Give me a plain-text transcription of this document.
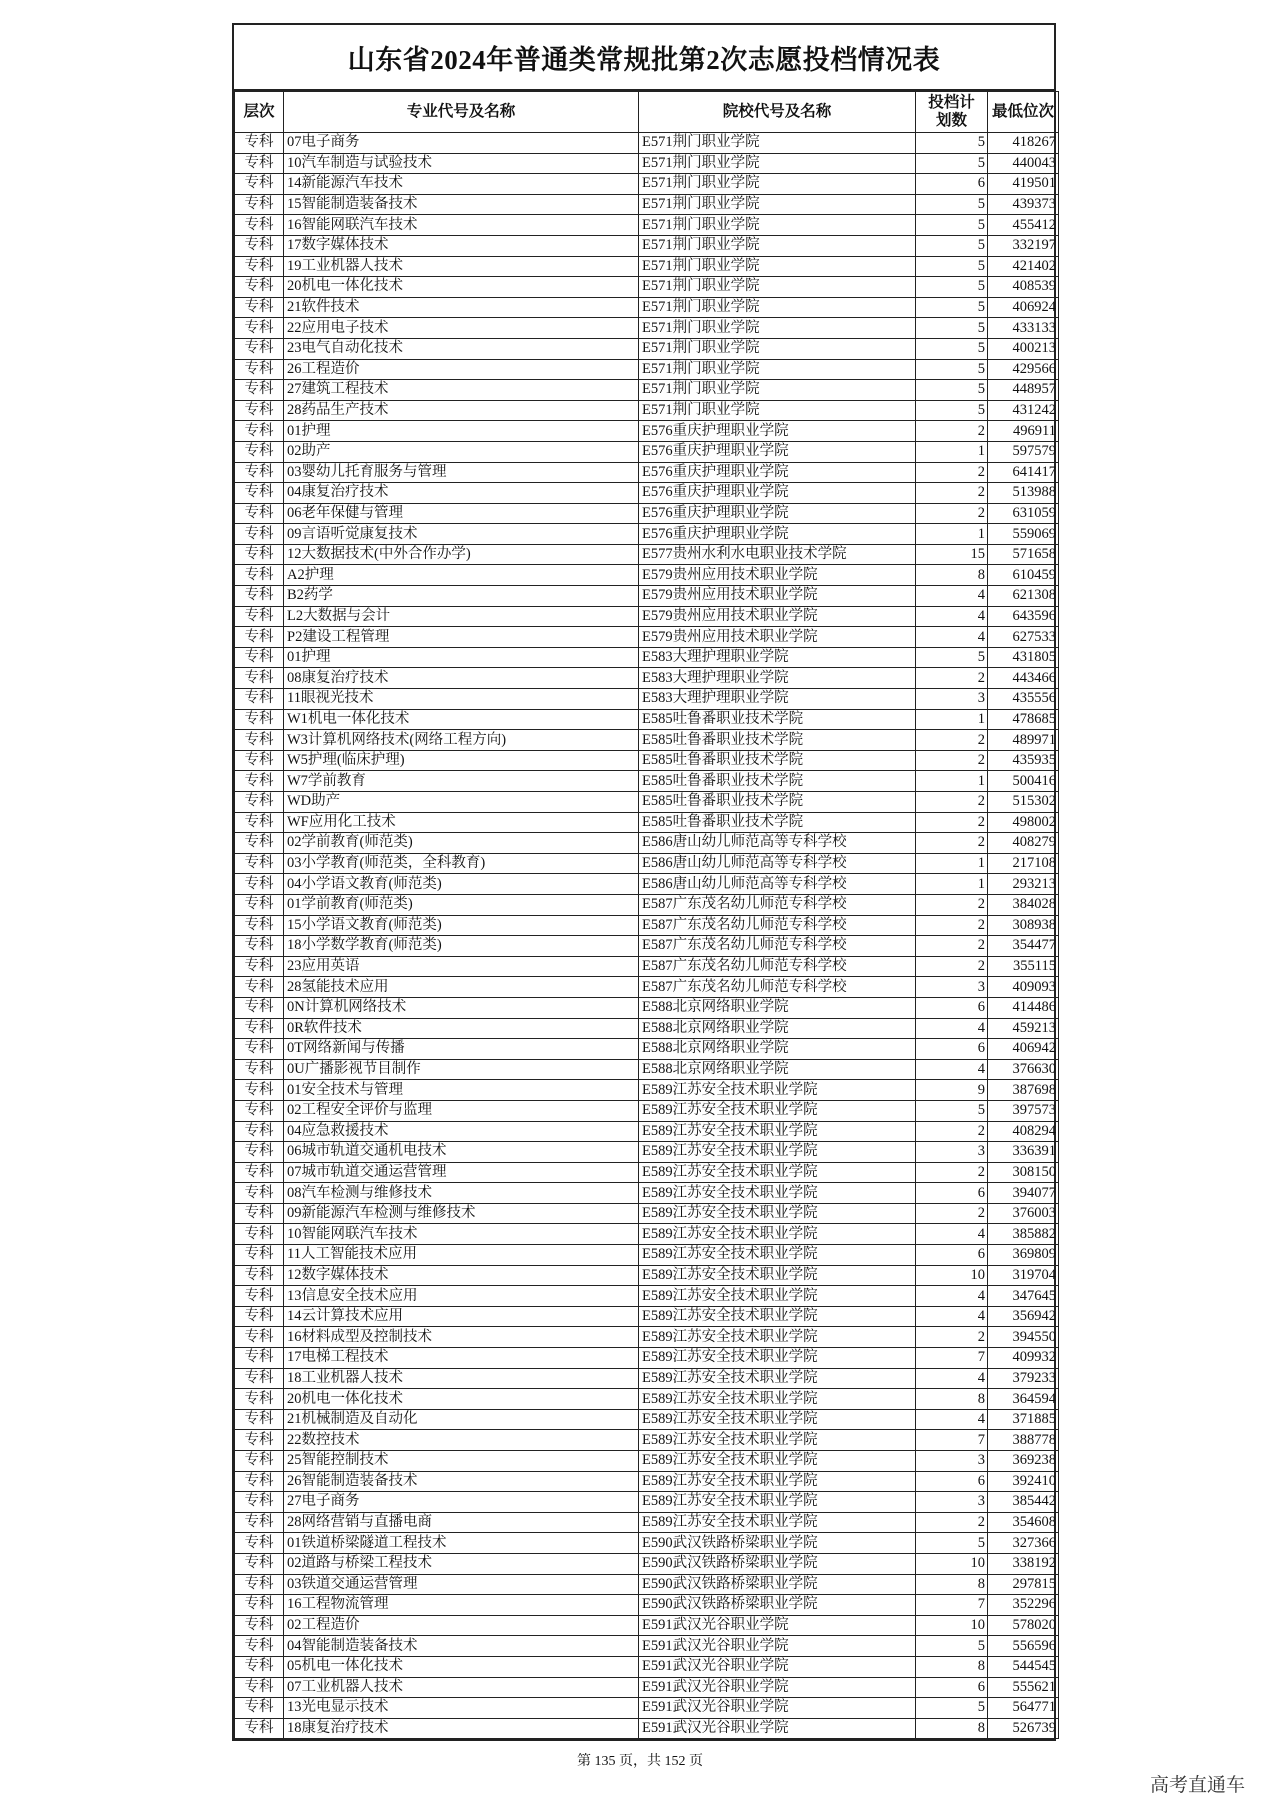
山东省2024年普通类常规批第2次志愿投档情况表
层次	专业代号及名称	院校代号及名称	投档计划数	最低位次
专科	07电子商务	E571荆门职业学院	5	418267
专科	10汽车制造与试验技术	E571荆门职业学院	5	440043
专科	14新能源汽车技术	E571荆门职业学院	6	419501
专科	15智能制造装备技术	E571荆门职业学院	5	439373
专科	16智能网联汽车技术	E571荆门职业学院	5	455412
专科	17数字媒体技术	E571荆门职业学院	5	332197
专科	19工业机器人技术	E571荆门职业学院	5	421402
专科	20机电一体化技术	E571荆门职业学院	5	408539
专科	21软件技术	E571荆门职业学院	5	406924
专科	22应用电子技术	E571荆门职业学院	5	433133
专科	23电气自动化技术	E571荆门职业学院	5	400213
专科	26工程造价	E571荆门职业学院	5	429566
专科	27建筑工程技术	E571荆门职业学院	5	448957
专科	28药品生产技术	E571荆门职业学院	5	431242
专科	01护理	E576重庆护理职业学院	2	496911
专科	02助产	E576重庆护理职业学院	1	597579
专科	03婴幼儿托育服务与管理	E576重庆护理职业学院	2	641417
专科	04康复治疗技术	E576重庆护理职业学院	2	513988
专科	06老年保健与管理	E576重庆护理职业学院	2	631059
专科	09言语听觉康复技术	E576重庆护理职业学院	1	559069
专科	12大数据技术(中外合作办学)	E577贵州水利水电职业技术学院	15	571658
专科	A2护理	E579贵州应用技术职业学院	8	610459
专科	B2药学	E579贵州应用技术职业学院	4	621308
专科	L2大数据与会计	E579贵州应用技术职业学院	4	643596
专科	P2建设工程管理	E579贵州应用技术职业学院	4	627533
专科	01护理	E583大理护理职业学院	5	431805
专科	08康复治疗技术	E583大理护理职业学院	2	443466
专科	11眼视光技术	E583大理护理职业学院	3	435556
专科	W1机电一体化技术	E585吐鲁番职业技术学院	1	478685
专科	W3计算机网络技术(网络工程方向)	E585吐鲁番职业技术学院	2	489971
专科	W5护理(临床护理)	E585吐鲁番职业技术学院	2	435935
专科	W7学前教育	E585吐鲁番职业技术学院	1	500416
专科	WD助产	E585吐鲁番职业技术学院	2	515302
专科	WF应用化工技术	E585吐鲁番职业技术学院	2	498002
专科	02学前教育(师范类)	E586唐山幼儿师范高等专科学校	2	408279
专科	03小学教育(师范类，全科教育)	E586唐山幼儿师范高等专科学校	1	217108
专科	04小学语文教育(师范类)	E586唐山幼儿师范高等专科学校	1	293213
专科	01学前教育(师范类)	E587广东茂名幼儿师范专科学校	2	384028
专科	15小学语文教育(师范类)	E587广东茂名幼儿师范专科学校	2	308938
专科	18小学数学教育(师范类)	E587广东茂名幼儿师范专科学校	2	354477
专科	23应用英语	E587广东茂名幼儿师范专科学校	2	355115
专科	28氢能技术应用	E587广东茂名幼儿师范专科学校	3	409093
专科	0N计算机网络技术	E588北京网络职业学院	6	414486
专科	0R软件技术	E588北京网络职业学院	4	459213
专科	0T网络新闻与传播	E588北京网络职业学院	6	406942
专科	0U广播影视节目制作	E588北京网络职业学院	4	376630
专科	01安全技术与管理	E589江苏安全技术职业学院	9	387698
专科	02工程安全评价与监理	E589江苏安全技术职业学院	5	397573
专科	04应急救援技术	E589江苏安全技术职业学院	2	408294
专科	06城市轨道交通机电技术	E589江苏安全技术职业学院	3	336391
专科	07城市轨道交通运营管理	E589江苏安全技术职业学院	2	308150
专科	08汽车检测与维修技术	E589江苏安全技术职业学院	6	394077
专科	09新能源汽车检测与维修技术	E589江苏安全技术职业学院	2	376003
专科	10智能网联汽车技术	E589江苏安全技术职业学院	4	385882
专科	11人工智能技术应用	E589江苏安全技术职业学院	6	369809
专科	12数字媒体技术	E589江苏安全技术职业学院	10	319704
专科	13信息安全技术应用	E589江苏安全技术职业学院	4	347645
专科	14云计算技术应用	E589江苏安全技术职业学院	4	356942
专科	16材料成型及控制技术	E589江苏安全技术职业学院	2	394550
专科	17电梯工程技术	E589江苏安全技术职业学院	7	409932
专科	18工业机器人技术	E589江苏安全技术职业学院	4	379233
专科	20机电一体化技术	E589江苏安全技术职业学院	8	364594
专科	21机械制造及自动化	E589江苏安全技术职业学院	4	371885
专科	22数控技术	E589江苏安全技术职业学院	7	388778
专科	25智能控制技术	E589江苏安全技术职业学院	3	369238
专科	26智能制造装备技术	E589江苏安全技术职业学院	6	392410
专科	27电子商务	E589江苏安全技术职业学院	3	385442
专科	28网络营销与直播电商	E589江苏安全技术职业学院	2	354608
专科	01铁道桥梁隧道工程技术	E590武汉铁路桥梁职业学院	5	327366
专科	02道路与桥梁工程技术	E590武汉铁路桥梁职业学院	10	338192
专科	03铁道交通运营管理	E590武汉铁路桥梁职业学院	8	297815
专科	16工程物流管理	E590武汉铁路桥梁职业学院	7	352296
专科	02工程造价	E591武汉光谷职业学院	10	578020
专科	04智能制造装备技术	E591武汉光谷职业学院	5	556596
专科	05机电一体化技术	E591武汉光谷职业学院	8	544545
专科	07工业机器人技术	E591武汉光谷职业学院	6	555621
专科	13光电显示技术	E591武汉光谷职业学院	5	564771
专科	18康复治疗技术	E591武汉光谷职业学院	8	526739
第 135 页，共 152 页
高考直通车
